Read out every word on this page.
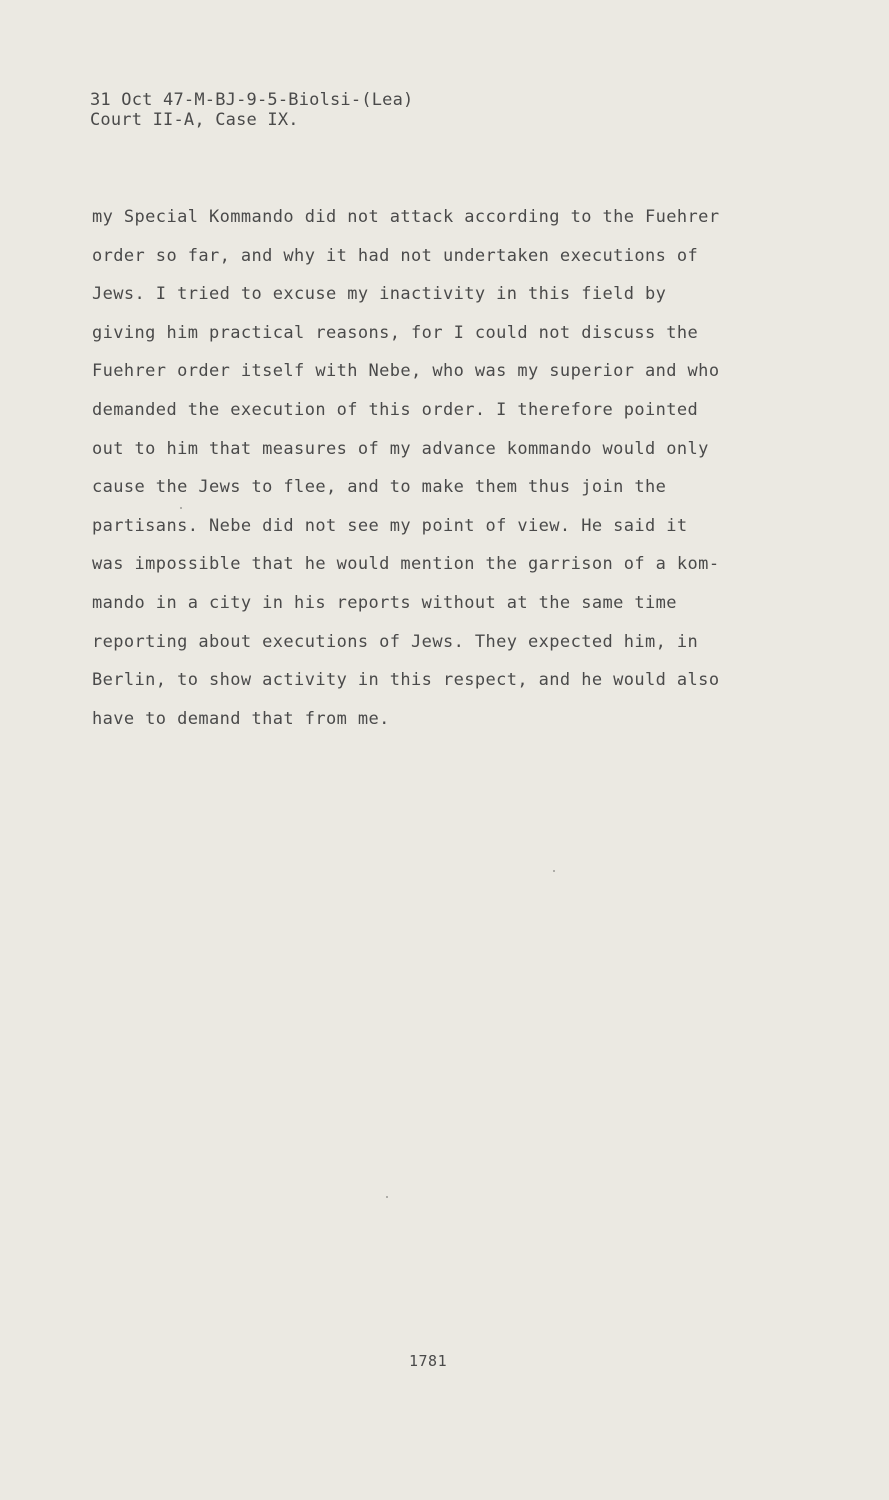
31 Oct 47-M-BJ-9-5-Biolsi-(Lea)
Court II-A, Case IX.
my Special Kommando did not attack according to the Fuehrer
order so far, and why it had not undertaken executions of
Jews. I tried to excuse my inactivity in this field by
giving him practical reasons, for I could not discuss the
Fuehrer order itself with Nebe, who was my superior and who
demanded the execution of this order. I therefore pointed
out to him that measures of my advance kommando would only
cause the Jews to flee, and to make them thus join the
partisans. Nebe did not see my point of view. He said it
was impossible that he would mention the garrison of a kom-
mando in a city in his reports without at the same time
reporting about executions of Jews. They expected him, in
Berlin, to show activity in this respect, and he would also
have to demand that from me.
1781
